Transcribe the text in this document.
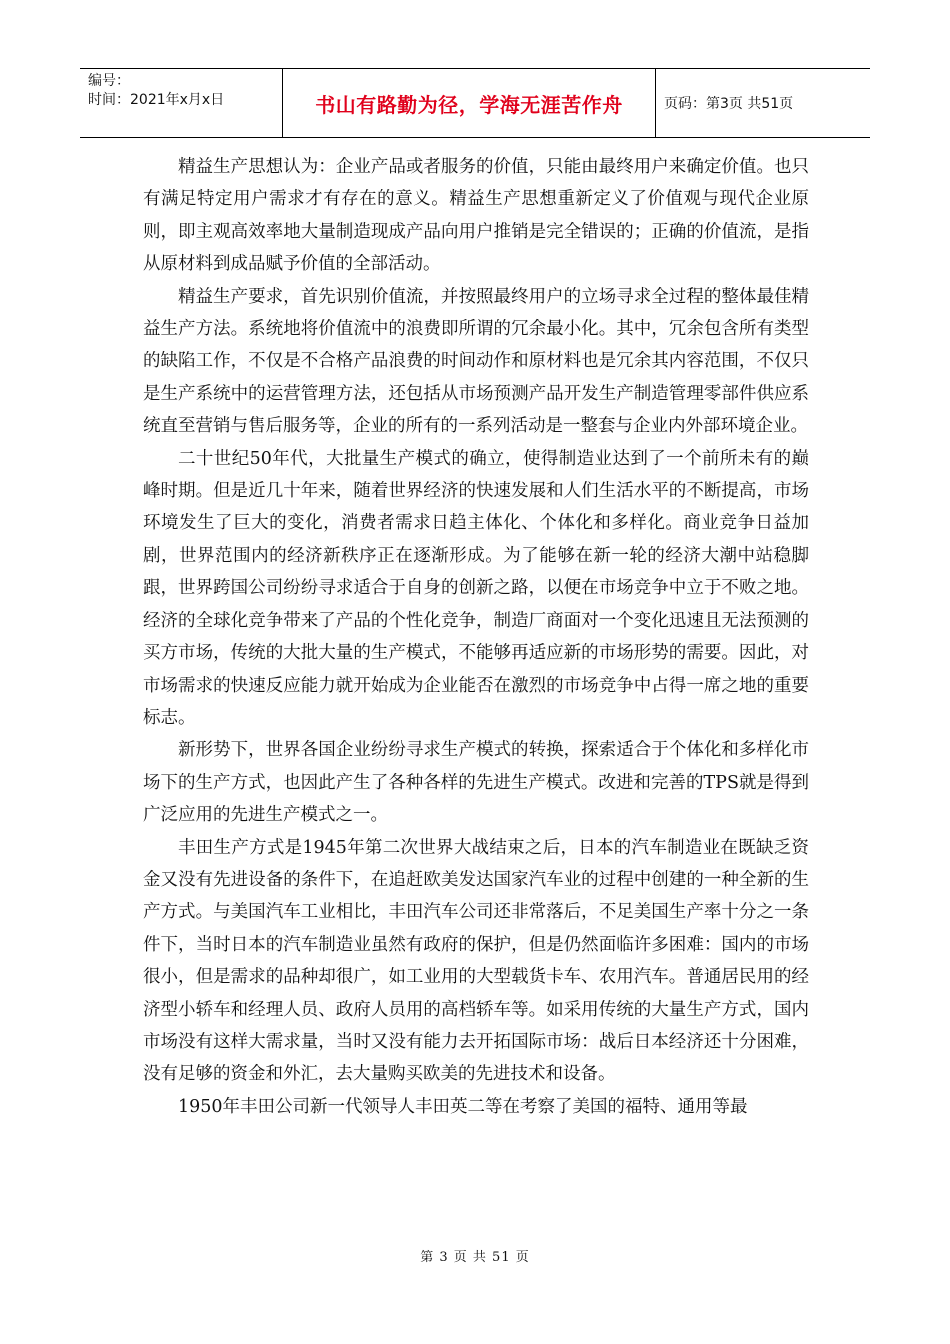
编号：
时间：2021年x月x日	书山有路勤为径，学海无涯苦作舟	页码：第3页 共51页

精益生产思想认为：企业产品或者服务的价值，只能由最终用户来确定价值。也只有满足特定用户需求才有存在的意义。精益生产思想重新定义了价值观与现代企业原则，即主观高效率地大量制造现成产品向用户推销是完全错误的；正确的价值流，是指从原材料到成品赋予价值的全部活动。

精益生产要求，首先识别价值流，并按照最终用户的立场寻求全过程的整体最佳精益生产方法。系统地将价值流中的浪费即所谓的冗余最小化。其中，冗余包含所有类型的缺陷工作，不仅是不合格产品浪费的时间动作和原材料也是冗余其内容范围，不仅只是生产系统中的运营管理方法，还包括从市场预测产品开发生产制造管理零部件供应系统直至营销与售后服务等，企业的所有的一系列活动是一整套与企业内外部环境企业。

二十世纪50年代，大批量生产模式的确立，使得制造业达到了一个前所未有的巅峰时期。但是近几十年来，随着世界经济的快速发展和人们生活水平的不断提高，市场环境发生了巨大的变化，消费者需求日趋主体化、个体化和多样化。商业竞争日益加剧，世界范围内的经济新秩序正在逐渐形成。为了能够在新一轮的经济大潮中站稳脚跟，世界跨国公司纷纷寻求适合于自身的创新之路，以便在市场竞争中立于不败之地。经济的全球化竞争带来了产品的个性化竞争，制造厂商面对一个变化迅速且无法预测的买方市场，传统的大批大量的生产模式，不能够再适应新的市场形势的需要。因此，对市场需求的快速反应能力就开始成为企业能否在激烈的市场竞争中占得一席之地的重要标志。

新形势下，世界各国企业纷纷寻求生产模式的转换，探索适合于个体化和多样化市场下的生产方式，也因此产生了各种各样的先进生产模式。改进和完善的TPS就是得到广泛应用的先进生产模式之一。

丰田生产方式是1945年第二次世界大战结束之后，日本的汽车制造业在既缺乏资金又没有先进设备的条件下，在追赶欧美发达国家汽车业的过程中创建的一种全新的生产方式。与美国汽车工业相比，丰田汽车公司还非常落后，不足美国生产率十分之一条件下，当时日本的汽车制造业虽然有政府的保护，但是仍然面临许多困难：国内的市场很小，但是需求的品种却很广，如工业用的大型载货卡车、农用汽车。普通居民用的经济型小轿车和经理人员、政府人员用的高档轿车等。如采用传统的大量生产方式，国内市场没有这样大需求量，当时又没有能力去开拓国际市场：战后日本经济还十分困难，没有足够的资金和外汇，去大量购买欧美的先进技术和设备。

1950年丰田公司新一代领导人丰田英二等在考察了美国的福特、通用等最

第 3 页 共 51 页
